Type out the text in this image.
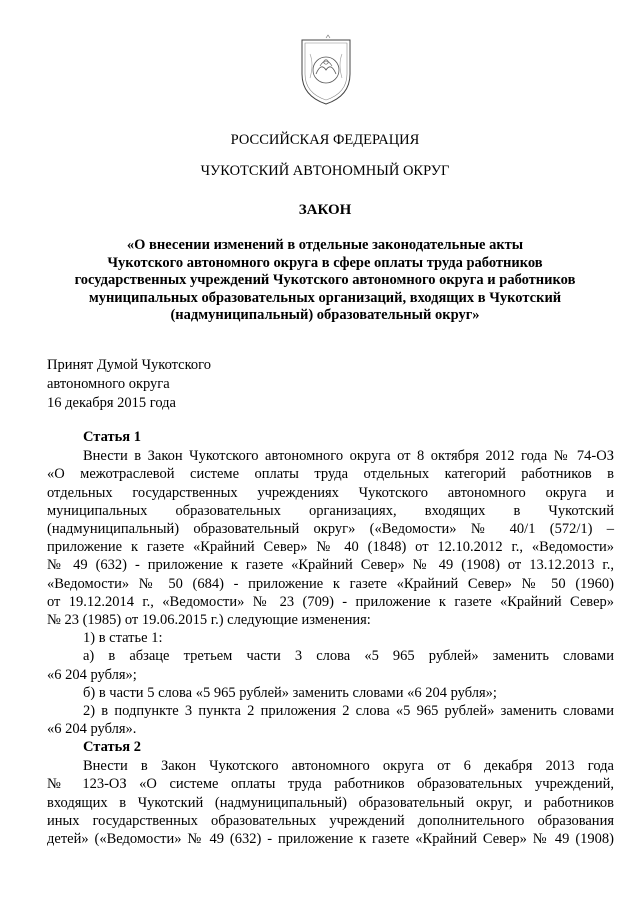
РОССИЙСКАЯ ФЕДЕРАЦИЯ
ЧУКОТСКИЙ АВТОНОМНЫЙ ОКРУГ
ЗАКОН
«О внесении изменений в отдельные законодательные акты
Чукотского автономного округа в сфере оплаты труда работников
государственных учреждений Чукотского автономного округа и работников
муниципальных образовательных организаций, входящих в Чукотский
(надмуниципальный) образовательный округ»
Принят Думой Чукотского
автономного округа
16 декабря 2015 года
Статья 1
Внести в Закон Чукотского автономного округа от 8 октября 2012 года № 74-ОЗ
«О межотраслевой системе оплаты труда отдельных категорий работников в
отдельных государственных учреждениях Чукотского автономного округа и
муниципальных образовательных организациях, входящих в Чукотский
(надмуниципальный) образовательный округ» («Ведомости» № 40/1 (572/1) –
приложение к газете «Крайний Север» № 40 (1848) от 12.10.2012 г., «Ведомости»
№ 49 (632) - приложение к газете «Крайний Север» № 49 (1908) от 13.12.2013 г.,
«Ведомости» № 50 (684) - приложение к газете «Крайний Север» № 50 (1960)
от 19.12.2014 г., «Ведомости» № 23 (709) - приложение к газете «Крайний Север»
№ 23 (1985) от 19.06.2015 г.) следующие изменения:
1) в статье 1:
а) в абзаце третьем части 3 слова «5 965 рублей» заменить словами
«6 204 рубля»;
б) в части 5 слова «5 965 рублей» заменить словами «6 204 рубля»;
2) в подпункте 3 пункта 2 приложения 2 слова «5 965 рублей» заменить словами
«6 204 рубля».
Статья 2
Внести в Закон Чукотского автономного округа от 6 декабря 2013 года
№ 123-ОЗ «О системе оплаты труда работников образовательных учреждений,
входящих в Чукотский (надмуниципальный) образовательный округ, и работников
иных государственных образовательных учреждений дополнительного образования
детей» («Ведомости» № 49 (632) - приложение к газете «Крайний Север» № 49 (1908)
